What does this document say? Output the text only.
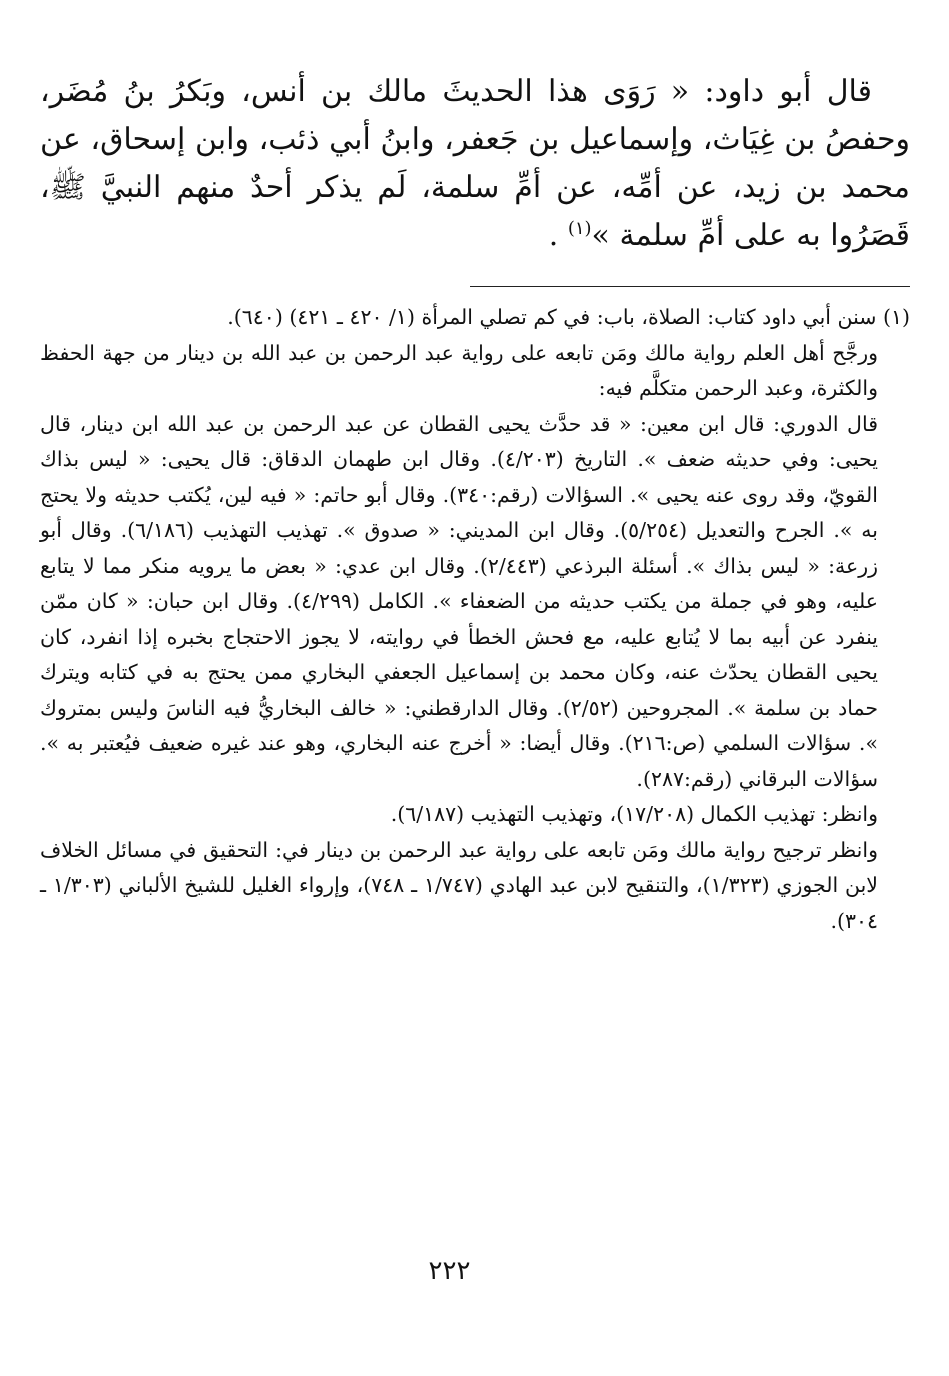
قال أبو داود: « رَوَى هذا الحديثَ مالك بن أنس، وبَكرُ بنُ مُضَر، وحفصُ بن غِيَاث، وإسماعيل بن جَعفر، وابنُ أبي ذئب، وابن إسحاق، عن محمد بن زيد، عن أمِّه، عن أمِّ سلمة، لَم يذكر أحدٌ منهم النبيَّ ﷺ، قَصَرُوا به على أمِّ سلمة »$^{(١)}$ .

(١) سنن أبي داود كتاب: الصلاة، باب: في كم تصلي المرأة (١/ ٤٢٠ ـ ٤٢١) (٦٤٠).

ورجَّح أهل العلم رواية مالك ومَن تابعه على رواية عبد الرحمن بن عبد الله بن دينار من جهة الحفظ والكثرة، وعبد الرحمن متكلَّم فيه:

قال الدوري: قال ابن معين: « قد حدَّث يحيى القطان عن عبد الرحمن بن عبد الله ابن دينار، قال يحيى: وفي حديثه ضعف ». التاريخ (٤/٢٠٣). وقال ابن طهمان الدقاق: قال يحيى: « ليس بذاك القويّ، وقد روى عنه يحيى ». السؤالات (رقم:٣٤٠). وقال أبو حاتم: « فيه لين، يُكتب حديثه ولا يحتج به ». الجرح والتعديل (٥/٢٥٤). وقال ابن المديني: « صدوق ». تهذيب التهذيب (٦/١٨٦). وقال أبو زرعة: « ليس بذاك ». أسئلة البرذعي (٢/٤٤٣). وقال ابن عدي: « بعض ما يرويه منكر مما لا يتابع عليه، وهو في جملة من يكتب حديثه من الضعفاء ». الكامل (٤/٢٩٩). وقال ابن حبان: « كان ممّن ينفرد عن أبيه بما لا يُتابع عليه، مع فحش الخطأ في روايته، لا يجوز الاحتجاج بخبره إذا انفرد، كان يحيى القطان يحدّث عنه، وكان محمد بن إسماعيل الجعفي البخاري ممن يحتج به في كتابه ويترك حماد بن سلمة ». المجروحين (٢/٥٢). وقال الدارقطني: « خالف البخاريُّ فيه الناسَ وليس بمتروك ». سؤالات السلمي (ص:٢١٦). وقال أيضا: « أخرج عنه البخاري، وهو عند غيره ضعيف فيُعتبر به ». سؤالات البرقاني (رقم:٢٨٧).

وانظر: تهذيب الكمال (١٧/٢٠٨)، وتهذيب التهذيب (٦/١٨٧).

وانظر ترجيح رواية مالك ومَن تابعه على رواية عبد الرحمن بن دينار في: التحقيق في مسائل الخلاف لابن الجوزي (١/٣٢٣)، والتنقيح لابن عبد الهادي (١/٧٤٧ ـ ٧٤٨)، وإرواء الغليل للشيخ الألباني (١/٣٠٣ ـ ٣٠٤).

٢٢٢
